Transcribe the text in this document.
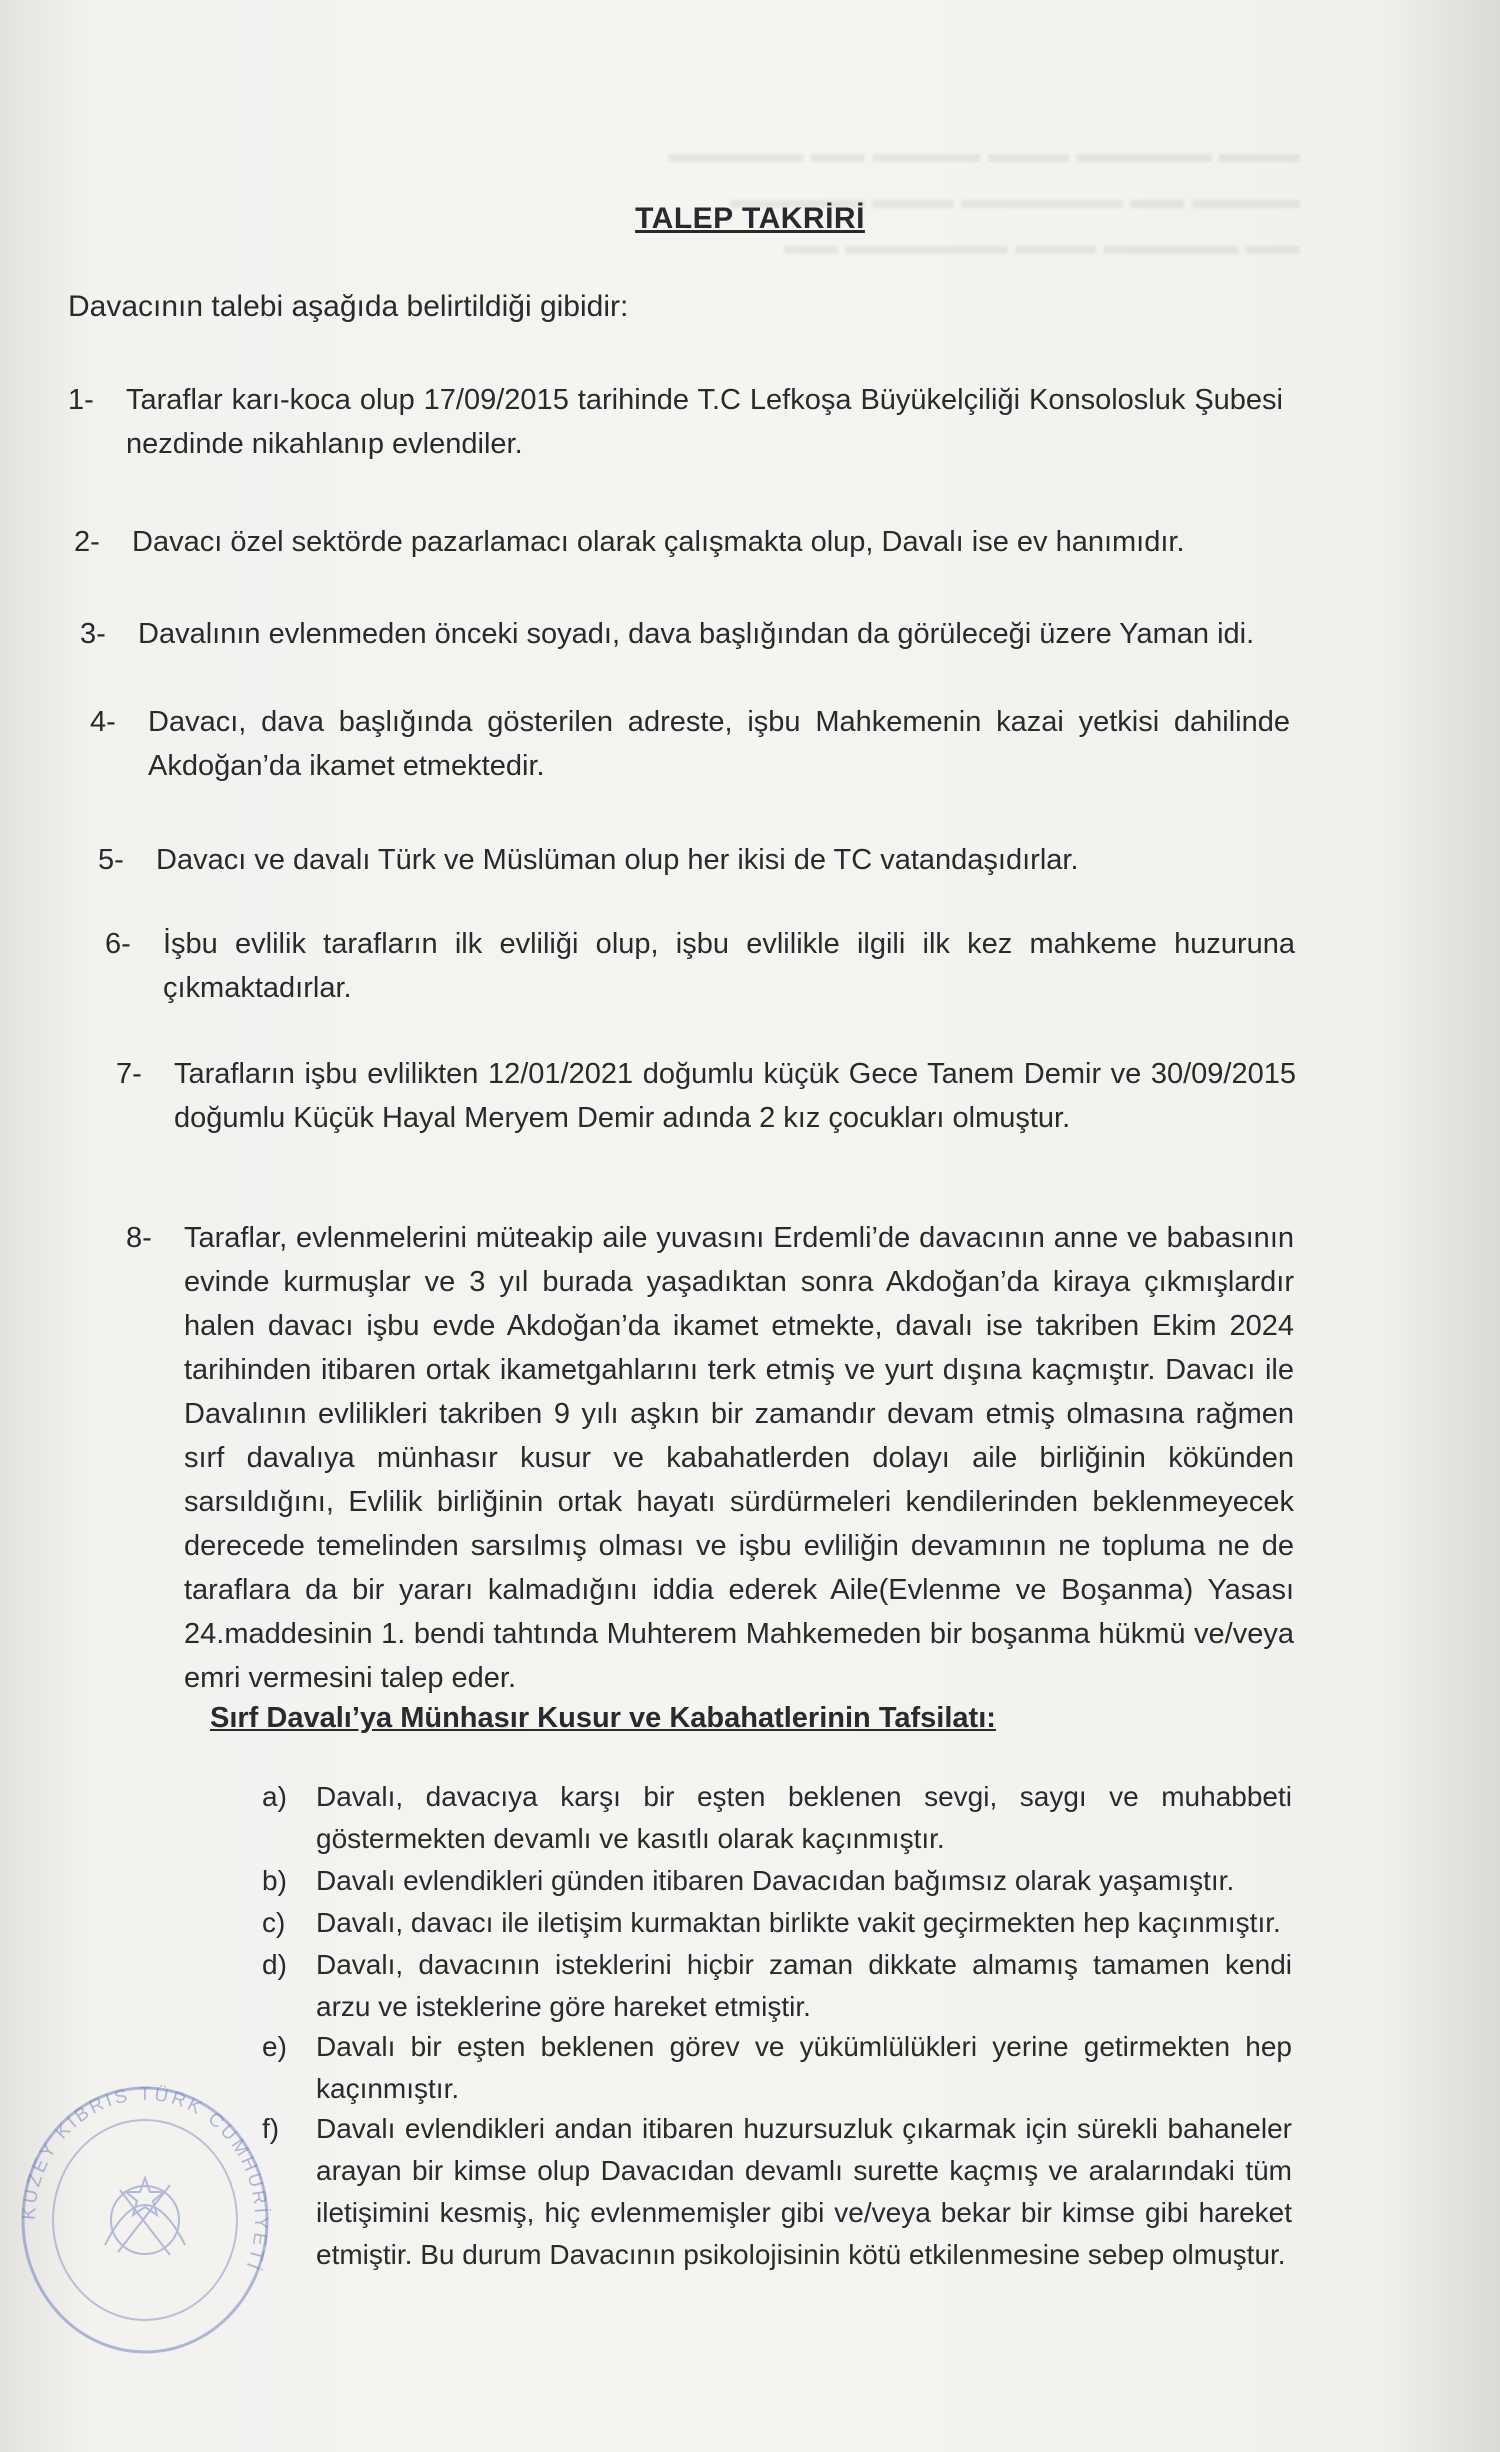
▬▬▬ ▬▬▬▬▬ ▬▬▬ ▬▬▬▬ ▬▬ ▬▬▬▬▬
▬▬▬▬ ▬▬ ▬▬▬▬▬▬ ▬▬▬ ▬▬▬▬▬
▬▬ ▬▬▬▬▬ ▬▬▬ ▬▬▬▬▬▬ ▬▬
TALEP TAKRİRİ

Davacının talebi aşağıda belirtildiği gibidir:

1-	Taraflar karı-koca olup 17/09/2015 tarihinde T.C Lefkoşa Büyükelçiliği Konsolosluk Şubesi nezdinde nikahlanıp evlendiler.
2-	Davacı özel sektörde pazarlamacı olarak çalışmakta olup, Davalı ise ev hanımıdır.
3-	Davalının evlenmeden önceki soyadı, dava başlığından da görüleceği üzere Yaman idi.
4-	Davacı, dava başlığında gösterilen adreste, işbu Mahkemenin kazai yetkisi dahilinde Akdoğan’da ikamet etmektedir.
5-	Davacı ve davalı Türk ve Müslüman olup her ikisi de TC vatandaşıdırlar.
6-	İşbu evlilik tarafların ilk evliliği olup, işbu evlilikle ilgili ilk kez mahkeme huzuruna çıkmaktadırlar.
7-	Tarafların işbu evlilikten 12/01/2021 doğumlu küçük Gece Tanem Demir ve 30/09/2015 doğumlu Küçük Hayal Meryem Demir adında 2 kız çocukları olmuştur.
8-	Taraflar, evlenmelerini müteakip aile yuvasını Erdemli’de davacının anne ve babasının evinde kurmuşlar ve 3 yıl burada yaşadıktan sonra Akdoğan’da kiraya çıkmışlardır halen davacı işbu evde Akdoğan’da ikamet etmekte, davalı ise takriben Ekim 2024 tarihinden itibaren ortak ikametgahlarını terk etmiş ve yurt dışına kaçmıştır. Davacı ile Davalının evlilikleri takriben 9 yılı aşkın bir zamandır devam etmiş olmasına rağmen sırf davalıya münhasır kusur ve kabahatlerden dolayı aile birliğinin kökünden sarsıldığını, Evlilik birliğinin ortak hayatı sürdürmeleri kendilerinden beklenmeyecek derecede temelinden sarsılmış olması ve işbu evliliğin devamının ne topluma ne de taraflara da bir yararı kalmadığını iddia ederek Aile(Evlenme ve Boşanma) Yasası 24.maddesinin 1. bendi tahtında Muhterem Mahkemeden bir boşanma hükmü ve/veya emri vermesini talep eder.

Sırf Davalı’ya Münhasır Kusur ve Kabahatlerinin Tafsilatı:

a)	Davalı, davacıya karşı bir eşten beklenen sevgi, saygı ve muhabbeti göstermekten devamlı ve kasıtlı olarak kaçınmıştır.
b)	Davalı evlendikleri günden itibaren Davacıdan bağımsız olarak yaşamıştır.
c)	Davalı, davacı ile iletişim kurmaktan birlikte vakit geçirmekten hep kaçınmıştır.
d)	Davalı, davacının isteklerini hiçbir zaman dikkate almamış tamamen kendi arzu ve isteklerine göre hareket etmiştir.
e)	Davalı bir eşten beklenen görev ve yükümlülükleri yerine getirmekten hep kaçınmıştır.
f)	Davalı evlendikleri andan itibaren huzursuzluk çıkarmak için sürekli bahaneler arayan bir kimse olup Davacıdan devamlı surette kaçmış ve aralarındaki tüm iletişimini kesmiş, hiç evlenmemişler gibi ve/veya bekar bir kimse gibi hareket etmiştir. Bu durum Davacının psikolojisinin kötü etkilenmesine sebep olmuştur.
KUZEY KIBRIS TÜRK CUMHURİYETİ
